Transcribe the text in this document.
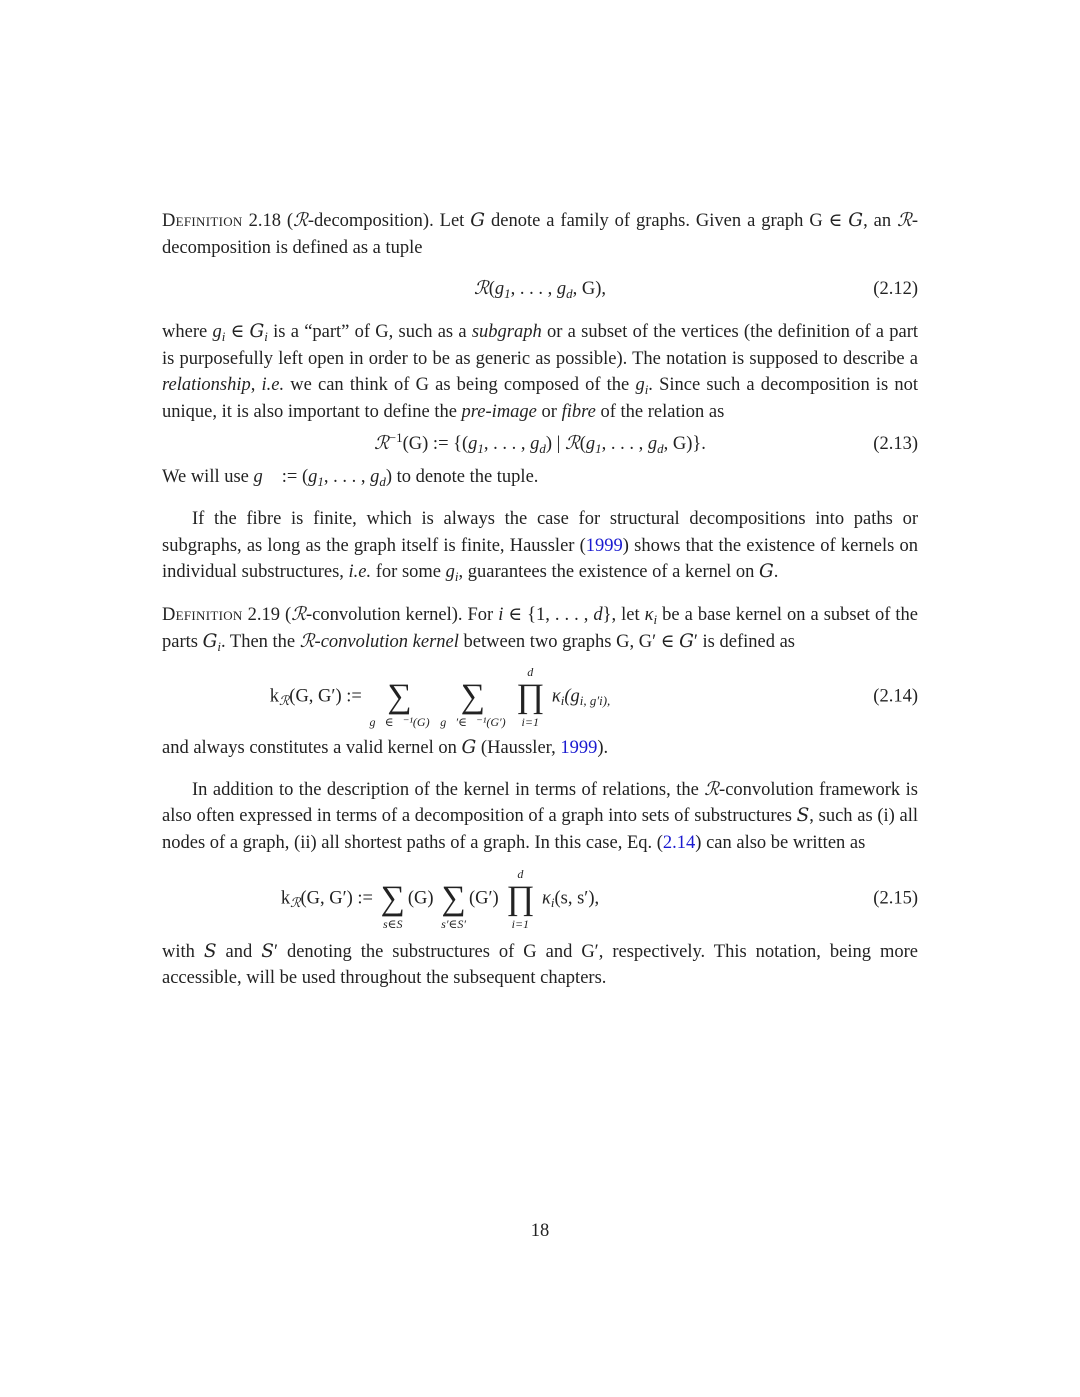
Definition 2.18 (ℛ-decomposition). Let G denote a family of graphs. Given a graph G ∈ G, an ℛ-decomposition is defined as a tuple
$ℛ(g_1$, . . . , $g_d$, G),	(2.12)
where $g_i$ ∈ $G_i$ is a “part” of G, such as a subgraph or a subset of the vertices (the definition of a part is purposefully left open in order to be as generic as possible). The notation is supposed to describe a relationship, i.e. we can think of G as being composed of the $g_i$. Since such a decomposition is not unique, it is also important to define the pre-image or fibre of the relation as
ℛ$^{-1}$(G) := {($g_1$, . . . , $g_d$) | $ℛ(g_1$, . . . , $g_d$, G)}.	(2.13)
We will use g⃗ := ($g_1$, . . . , $g_d$) to denote the tuple.
If the fibre is finite, which is always the case for structural decompositions into paths or subgraphs, as long as the graph itself is finite, Haussler (1999) shows that the existence of kernels on individual substructures, i.e. for some $g_i$, guarantees the existence of a kernel on G.
Definition 2.19 (ℛ-convolution kernel). For i ∈ {1, . . . , d}, let $\kappa_i$ be a base kernel on a subset of the parts $G_i$. Then the ℛ-convolution kernel between two graphs G, G′ ∈ G′ is defined as
$k_ℛ(G$, G′) :=
∑
g⃗∈ℛ⁻¹(G)

∑
g⃗′∈ℛ⁻¹(G′)

d
∏
i=1
$\kappa_i(g_{i, g'i),}$	(2.14)
and always constitutes a valid kernel on G (Haussler, 1999).
In addition to the description of the kernel in terms of relations, the ℛ-convolution framework is also often expressed in terms of a decomposition of a graph into sets of substructures S, such as (i) all nodes of a graph, (ii) all shortest paths of a graph. In this case, Eq. (2.14) can also be written as
$k_ℛ(G$, G′) :=
∑
s∈S
(G)
∑
s′∈S′
(G′)
d
∏
i=1
$\kappa_i(s$, s′),	(2.15)
with S and S′ denoting the substructures of G and G′, respectively. This notation, being more accessible, will be used throughout the subsequent chapters.
18
